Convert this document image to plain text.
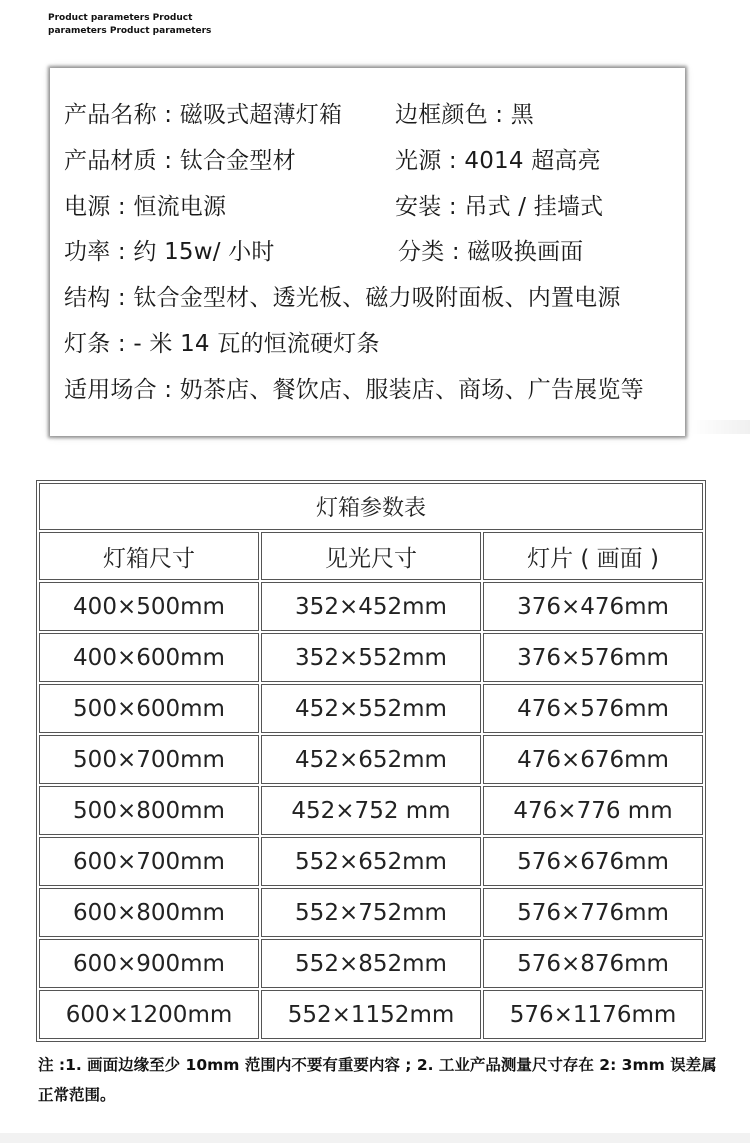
Product parameters Product parameters Product parameters
产品名称 : 磁吸式超薄灯箱 边框颜色 : 黑
产品材质 : 钛合金型材	光源 : 4014 超高亮
电源 : 恒流电源	安装 : 吊式 / 挂墙式
功率 : 约 15w/ 小时	分类 : 磁吸换画面
结构 : 钛合金型材、透光板、磁力吸附面板、内置电源
灯条 : - 米 14 瓦的恒流硬灯条
适用场合 : 奶茶店、餐饮店、服装店、商场、广告展览等
灯箱参数表		
灯箱尺寸	见光尺寸	灯片 ( 画面 )
400×500mm	352×452mm	376×476mm
400×600mm	352×552mm	376×576mm
500×600mm	452×552mm	476×576mm
500×700mm	452×652mm	476×676mm
500×800mm	452×752 mm	476×776 mm
600×700mm	552×652mm	576×676mm
600×800mm	552×752mm	576×776mm
600×900mm	552×852mm	576×876mm
600×1200mm	552×1152mm	576×1176mm
注 :1. 画面边缘至少 10mm 范围内不要有重要内容 ; 2. 工业产品测量尺寸存在 2: 3mm 误差属正常范围。
